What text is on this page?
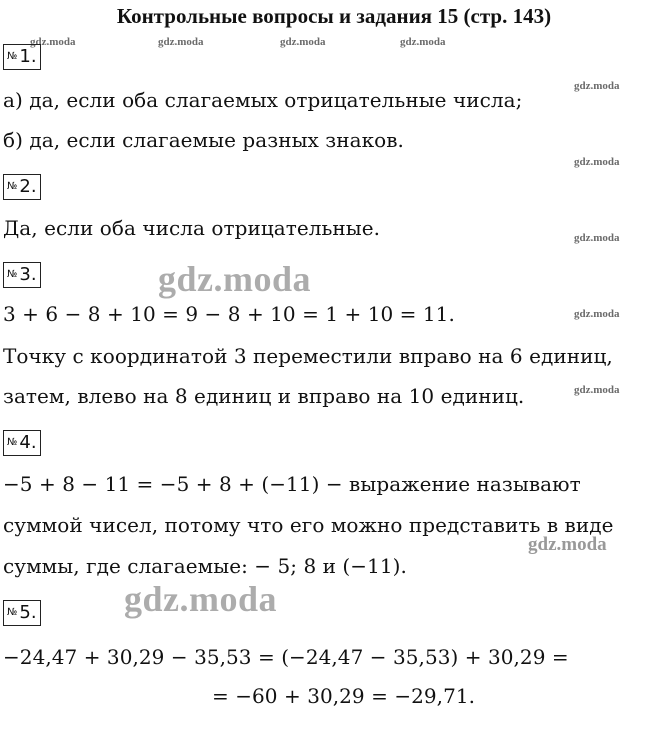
Контрольные вопросы и задания 15 (стр. 143)
gdz.moda	gdz.moda	gdz.moda	gdz.moda
gdz.moda
gdz.moda
gdz.moda
gdz.moda
gdz.moda
№ 1.
а) да, если оба слагаемых отрицательные числа;
б) да, если слагаемые разных знаков.
№ 2.
Да, если оба числа отрицательные.
№ 3.	gdz.moda
3 + 6 − 8 + 10 = 9 − 8 + 10 = 1 + 10 = 11.
Точку с координатой 3 переместили вправо на 6 единиц,
затем, влево на 8 единиц и вправо на 10 единиц.
№ 4.
−5 + 8 − 11 = −5 + 8 + (−11) − выражение называют
суммой чисел, потому что его можно представить в виде
gdz.moda
суммы, где слагаемые: − 5; 8 и (−11).
№ 5. gdz.moda
−24,47 + 30,29 − 35,53 = (−24,47 − 35,53) + 30,29 =
= −60 + 30,29 = −29,71.
